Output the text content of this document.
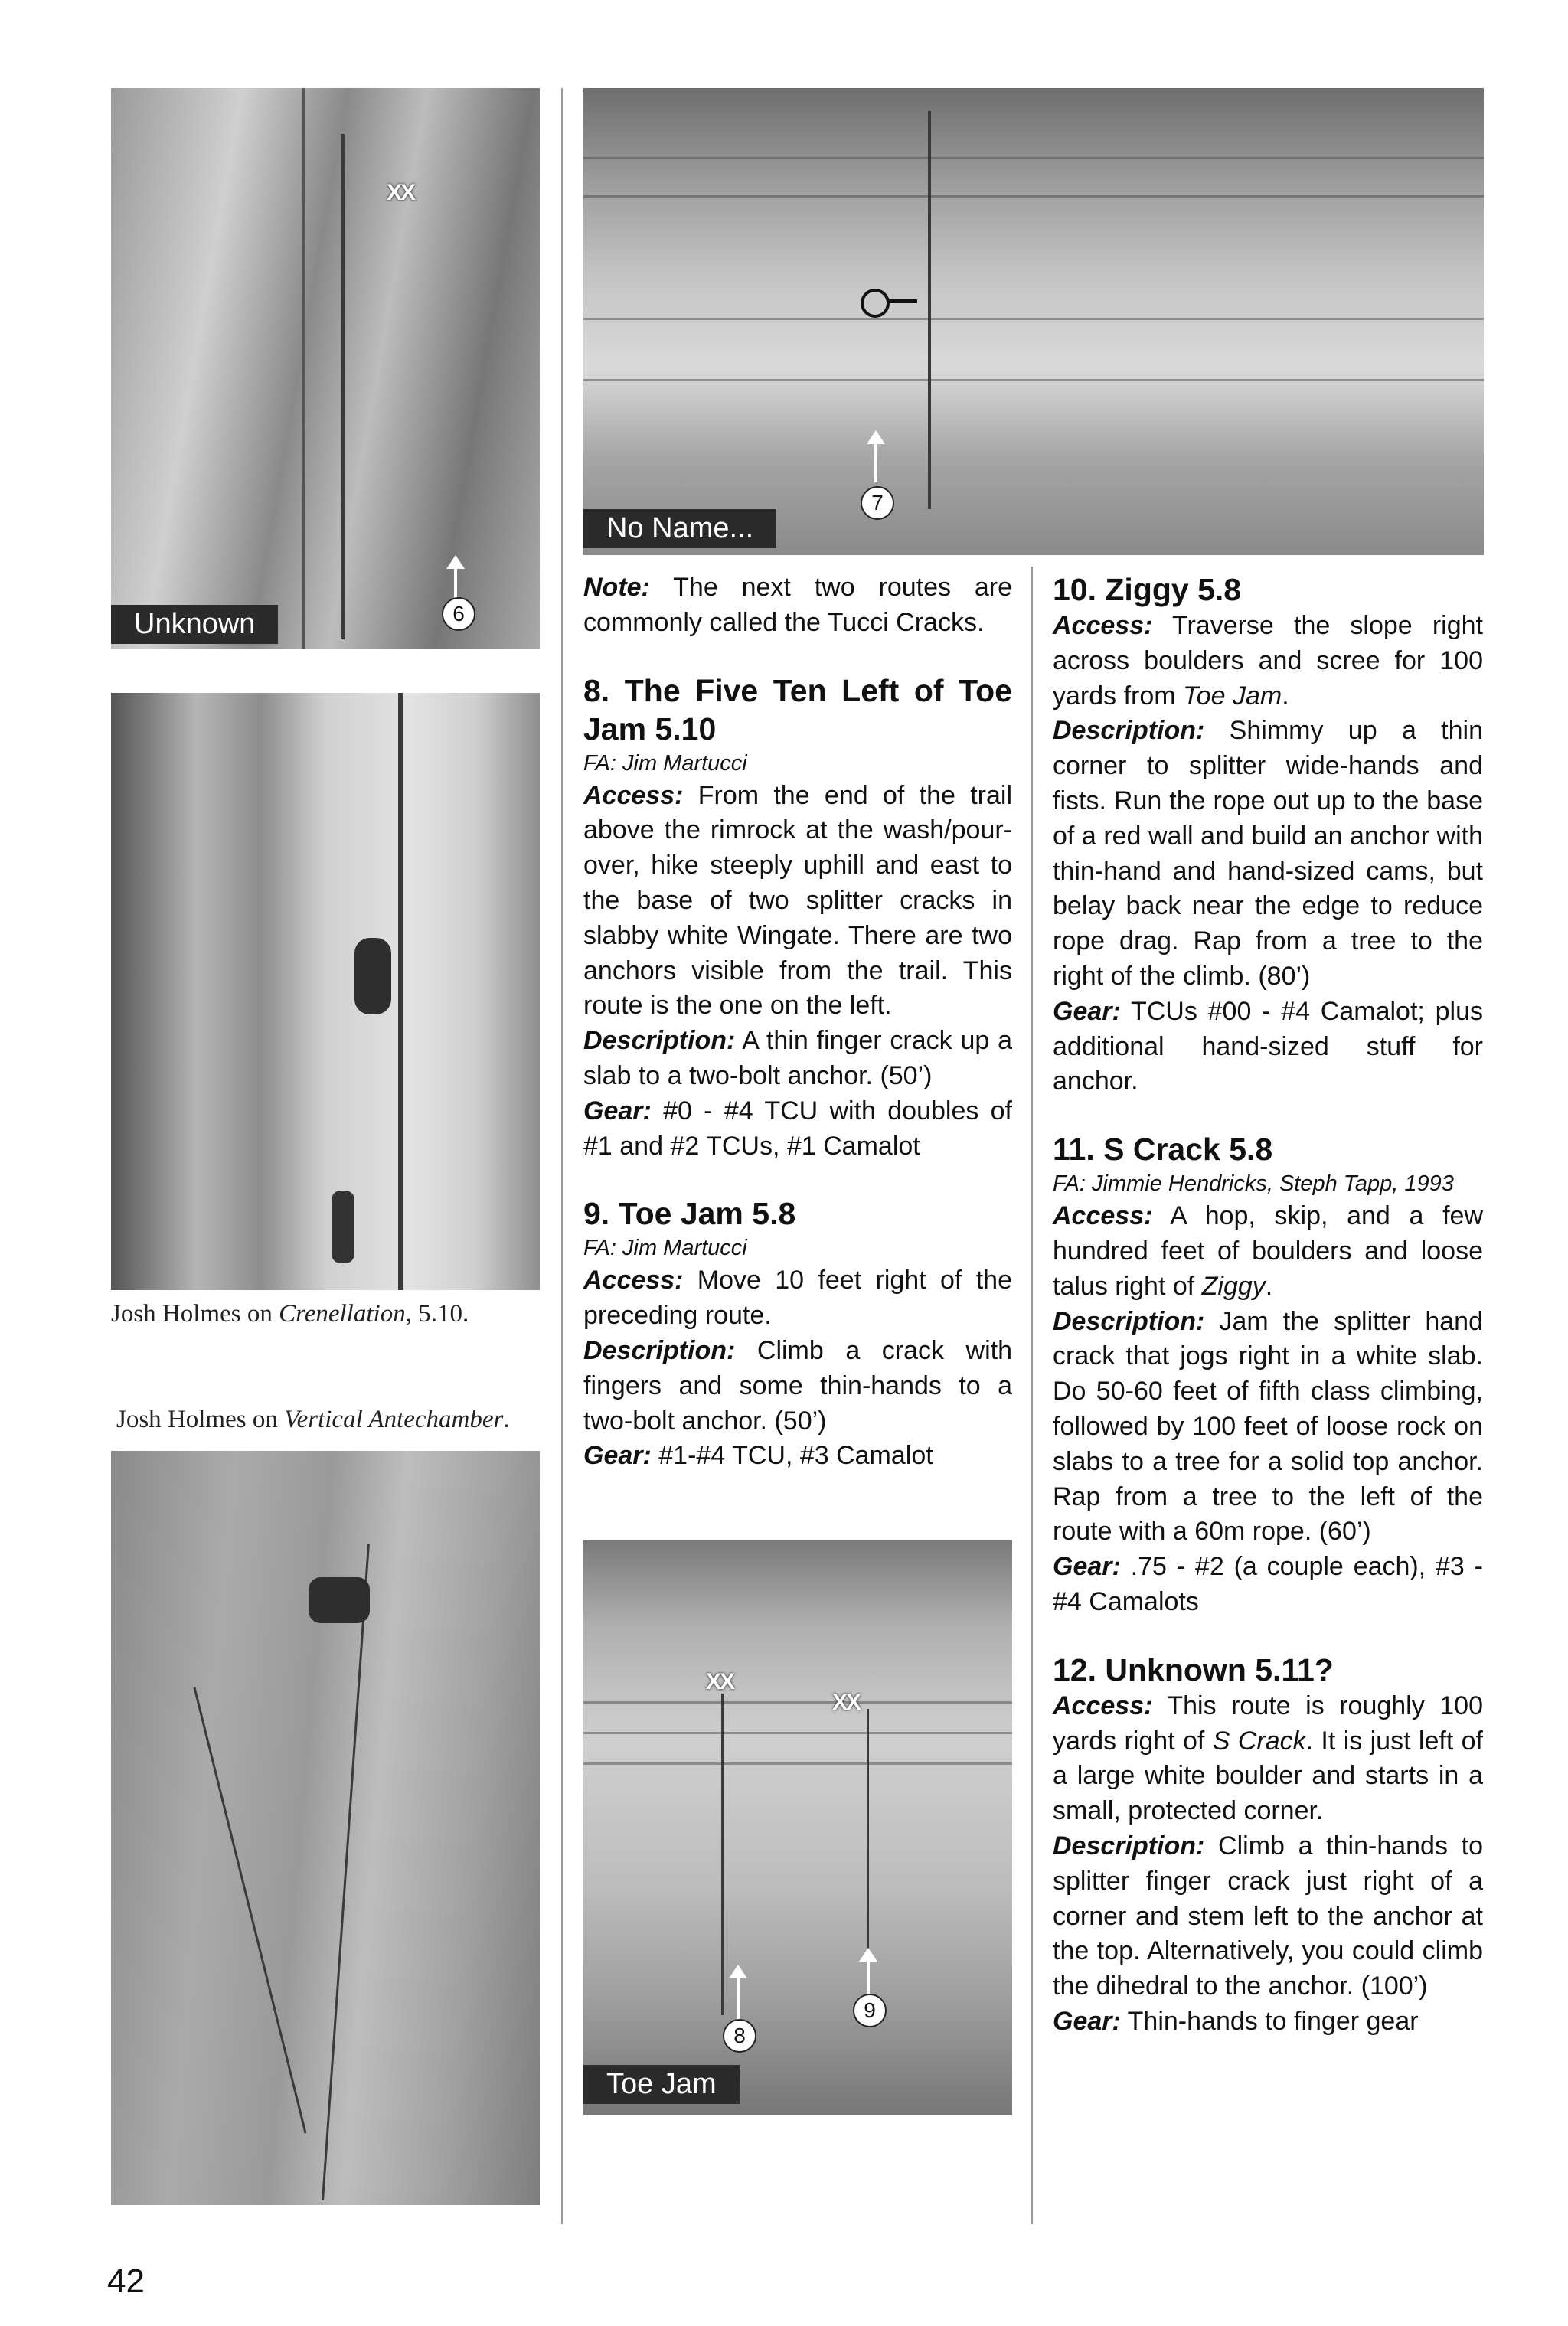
XX
6
Unknown
7
No Name...
Josh Holmes on Crenellation, 5.10.
Josh Holmes on Vertical Antechamber.

Note: The next two routes are commonly called the Tucci Cracks.

8. The Five Ten Left of Toe Jam 5.10

FA: Jim Martucci

Access: From the end of the trail above the rimrock at the wash/pour-over, hike steeply uphill and east to the base of two splitter cracks in slabby white Wingate. There are two anchors visible from the trail. This route is the one on the left.

Description: A thin finger crack up a slab to a two-bolt anchor. (50’)

Gear: #0 - #4 TCU with doubles of #1 and #2 TCUs, #1 Camalot

9. Toe Jam 5.8

FA: Jim Martucci

Access: Move 10 feet right of the preceding route.

Description: Climb a crack with fingers and some thin-hands to a two-bolt anchor. (50’)

Gear: #1-#4 TCU, #3 Camalot

XX
XX
8
9
Toe Jam

10. Ziggy 5.8

Access: Traverse the slope right across boulders and scree for 100 yards from Toe Jam.

Description: Shimmy up a thin corner to splitter wide-hands and fists. Run the rope out up to the base of a red wall and build an anchor with thin-hand and hand-sized cams, but belay back near the edge to reduce rope drag. Rap from a tree to the right of the climb. (80’)

Gear: TCUs #00 - #4 Camalot; plus additional hand-sized stuff for anchor.

11. S Crack 5.8

FA: Jimmie Hendricks, Steph Tapp, 1993

Access: A hop, skip, and a few hundred feet of boulders and loose talus right of Ziggy.

Description: Jam the splitter hand crack that jogs right in a white slab. Do 50-60 feet of fifth class climbing, followed by 100 feet of loose rock on slabs to a tree for a solid top anchor. Rap from a tree to the left of the route with a 60m rope. (60’)

Gear: .75 - #2 (a couple each), #3 - #4 Camalots

12. Unknown 5.11?

Access: This route is roughly 100 yards right of S Crack. It is just left of a large white boulder and starts in a small, protected corner.

Description: Climb a thin-hands to splitter finger crack just right of a corner and stem left to the anchor at the top. Alternatively, you could climb the dihedral to the anchor. (100’)

Gear: Thin-hands to finger gear

42
